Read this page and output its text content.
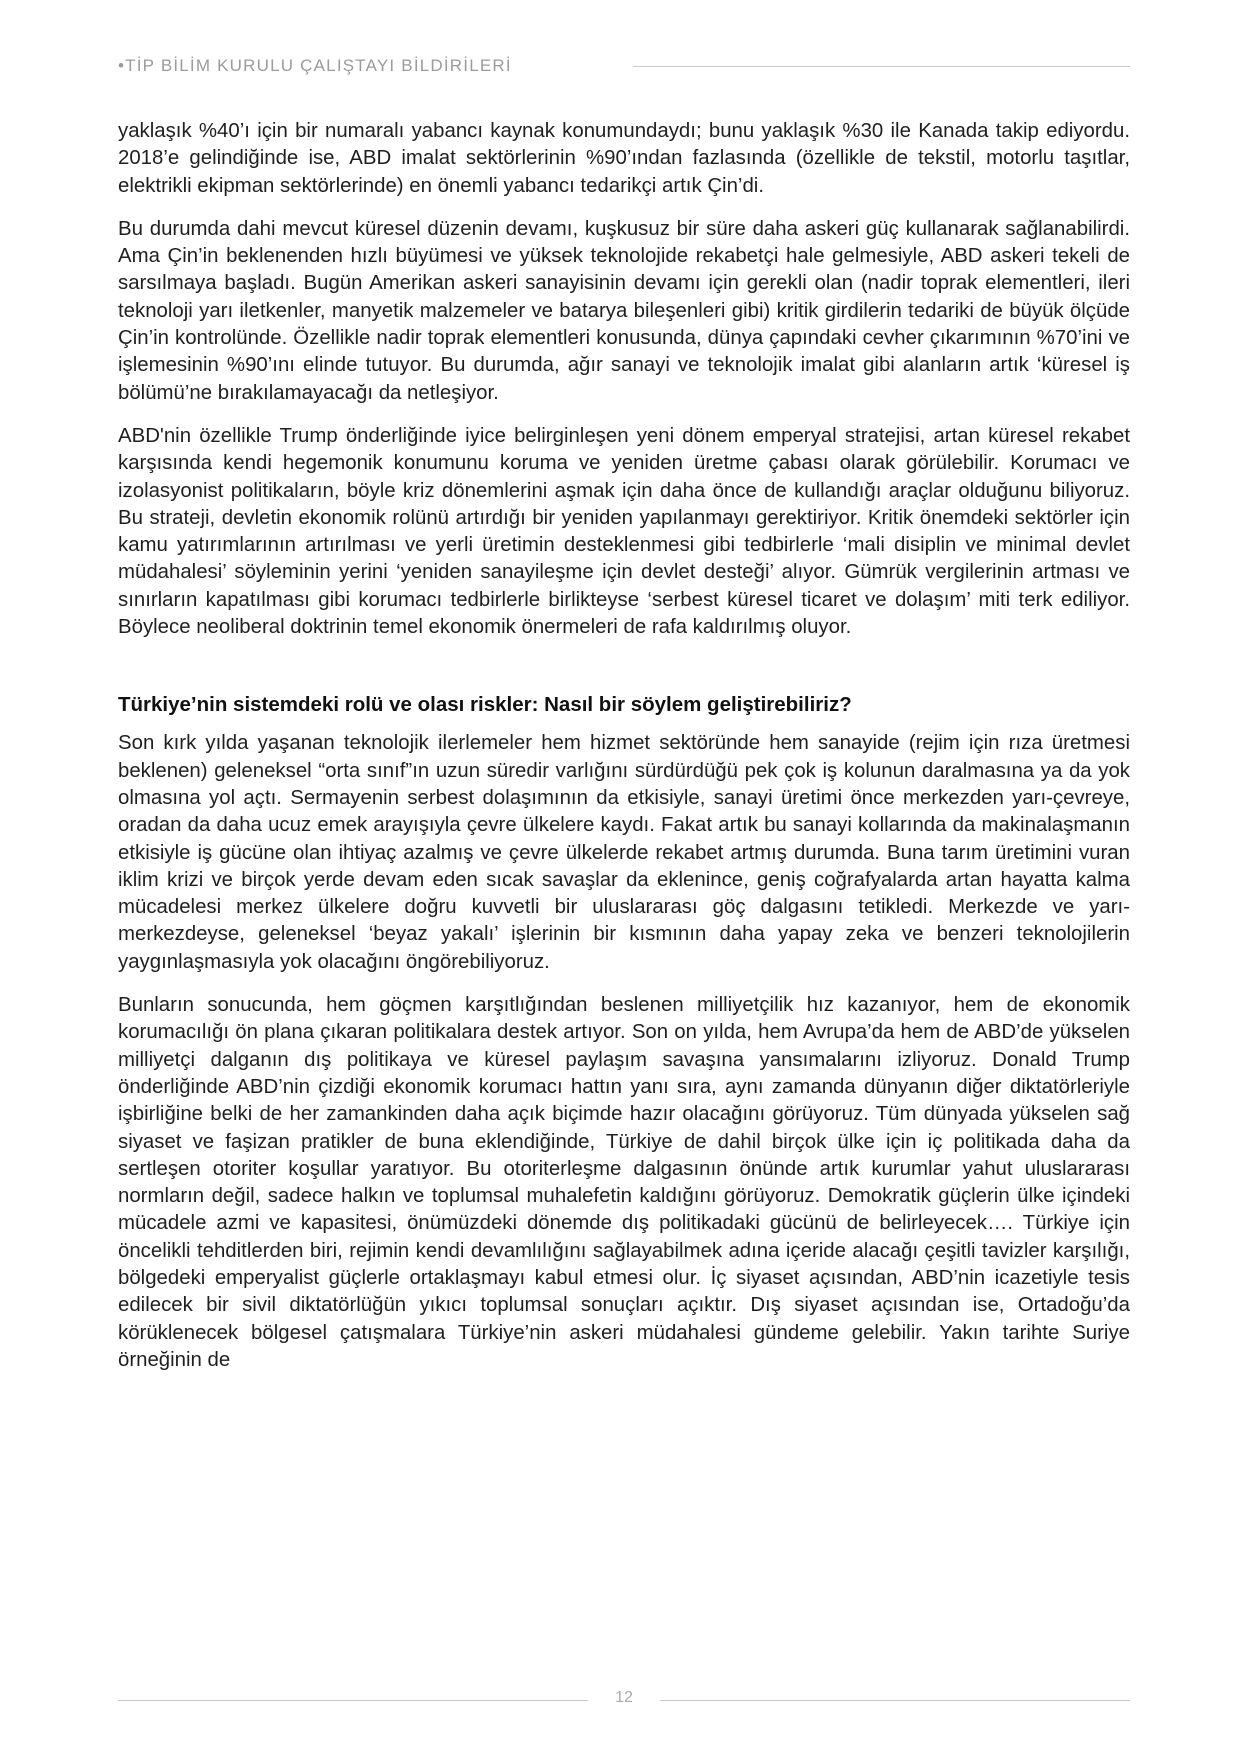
•TİP BİLİM KURULU ÇALIŞTAYI BİLDİRİLERİ

yaklaşık %40’ı için bir numaralı yabancı kaynak konumundaydı; bunu yaklaşık %30 ile Kanada takip ediyordu. 2018’e gelindiğinde ise, ABD imalat sektörlerinin %90’ından fazlasında (özellikle de tekstil, motorlu taşıtlar, elektrikli ekipman sektörlerinde) en önemli yabancı tedarikçi artık Çin’di.

Bu durumda dahi mevcut küresel düzenin devamı, kuşkusuz bir süre daha askeri güç kullanarak sağlanabilirdi. Ama Çin’in beklenenden hızlı büyümesi ve yüksek teknolojide rekabetçi hale gelmesiyle, ABD askeri tekeli de sarsılmaya başladı. Bugün Amerikan askeri sanayisinin devamı için gerekli olan (nadir toprak elementleri, ileri teknoloji yarı iletkenler, manyetik malzemeler ve batarya bileşenleri gibi) kritik girdilerin tedariki de büyük ölçüde Çin’in kontrolünde. Özellikle nadir toprak elementleri konusunda, dünya çapındaki cevher çıkarımının %70’ini ve işlemesinin %90’ını elinde tutuyor. Bu durumda, ağır sanayi ve teknolojik imalat gibi alanların artık ‘küresel iş bölümü’ne bırakılamayacağı da netleşiyor.

ABD'nin özellikle Trump önderliğinde iyice belirginleşen yeni dönem emperyal stratejisi, artan küresel rekabet karşısında kendi hegemonik konumunu koruma ve yeniden üretme çabası olarak görülebilir. Korumacı ve izolasyonist politikaların, böyle kriz dönemlerini aşmak için daha önce de kullandığı araçlar olduğunu biliyoruz. Bu strateji, devletin ekonomik rolünü artırdığı bir yeniden yapılanmayı gerektiriyor. Kritik önemdeki sektörler için kamu yatırımlarının artırılması ve yerli üretimin desteklenmesi gibi tedbirlerle ‘mali disiplin ve minimal devlet müdahalesi’ söyleminin yerini ‘yeniden sanayileşme için devlet desteği’ alıyor. Gümrük vergilerinin artması ve sınırların kapatılması gibi korumacı tedbirlerle birlikteyse ‘serbest küresel ticaret ve dolaşım’ miti terk ediliyor. Böylece neoliberal doktrinin temel ekonomik önermeleri de rafa kaldırılmış oluyor.

Türkiye’nin sistemdeki rolü ve olası riskler: Nasıl bir söylem geliştirebiliriz?

Son kırk yılda yaşanan teknolojik ilerlemeler hem hizmet sektöründe hem sanayide (rejim için rıza üretmesi beklenen) geleneksel “orta sınıf”ın uzun süredir varlığını sürdürdüğü pek çok iş kolunun daralmasına ya da yok olmasına yol açtı. Sermayenin serbest dolaşımının da etkisiyle, sanayi üretimi önce merkezden yarı-çevreye, oradan da daha ucuz emek arayışıyla çevre ülkelere kaydı. Fakat artık bu sanayi kollarında da makinalaşmanın etkisiyle iş gücüne olan ihtiyaç azalmış ve çevre ülkelerde rekabet artmış durumda. Buna tarım üretimini vuran iklim krizi ve birçok yerde devam eden sıcak savaşlar da eklenince, geniş coğrafyalarda artan hayatta kalma mücadelesi merkez ülkelere doğru kuvvetli bir uluslararası göç dalgasını tetikledi. Merkezde ve yarı-merkezdeyse, geleneksel ‘beyaz yakalı’ işlerinin bir kısmının daha yapay zeka ve benzeri teknolojilerin yaygınlaşmasıyla yok olacağını öngörebiliyoruz.

Bunların sonucunda, hem göçmen karşıtlığından beslenen milliyetçilik hız kazanıyor, hem de ekonomik korumacılığı ön plana çıkaran politikalara destek artıyor. Son on yılda, hem Avrupa’da hem de ABD’de yükselen milliyetçi dalganın dış politikaya ve küresel paylaşım savaşına yansımalarını izliyoruz. Donald Trump önderliğinde ABD’nin çizdiği ekonomik korumacı hattın yanı sıra, aynı zamanda dünyanın diğer diktatörleriyle işbirliğine belki de her zamankinden daha açık biçimde hazır olacağını görüyoruz. Tüm dünyada yükselen sağ siyaset ve faşizan pratikler de buna eklendiğinde, Türkiye de dahil birçok ülke için iç politikada daha da sertleşen otoriter koşullar yaratıyor. Bu otoriterleşme dalgasının önünde artık kurumlar yahut uluslararası normların değil, sadece halkın ve toplumsal muhalefetin kaldığını görüyoruz. Demokratik güçlerin ülke içindeki mücadele azmi ve kapasitesi, önümüzdeki dönemde dış politikadaki gücünü de belirleyecek…. Türkiye için öncelikli tehditlerden biri, rejimin kendi devamlılığını sağlayabilmek adına içeride alacağı çeşitli tavizler karşılığı, bölgedeki emperyalist güçlerle ortaklaşmayı kabul etmesi olur. İç siyaset açısından, ABD’nin icazetiyle tesis edilecek bir sivil diktatörlüğün yıkıcı toplumsal sonuçları açıktır. Dış siyaset açısından ise, Ortadoğu’da körüklenecek bölgesel çatışmalara Türkiye’nin askeri müdahalesi gündeme gelebilir. Yakın tarihte Suriye örneğinin de

12
